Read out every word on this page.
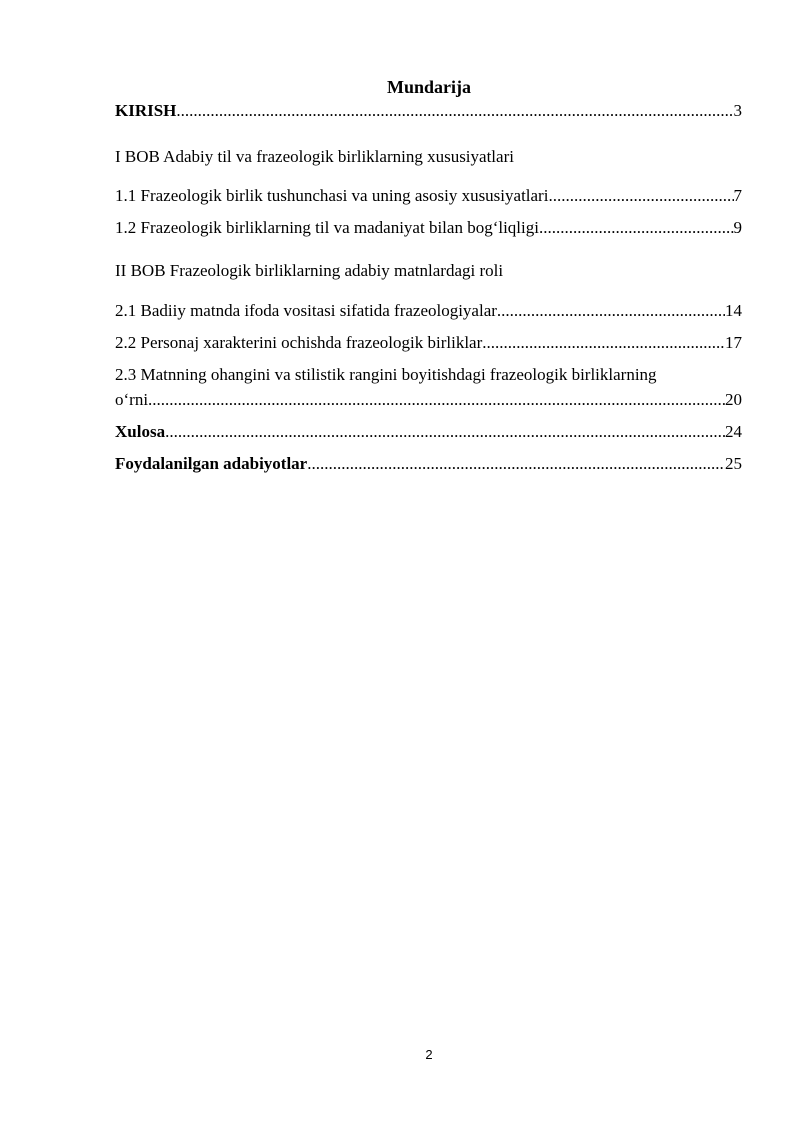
Mundarija
KIRISH .....	3
I BOB Adabiy til va frazeologik birliklarning xususiyatlari
1.1 Frazeologik birlik tushunchasi va uning asosiy xususiyatlari .....	7
1.2 Frazeologik birliklarning til va madaniyat bilan bog‘liqligi .....	9
II BOB Frazeologik birliklarning adabiy matnlardagi roli
2.1 Badiiy matnda ifoda vositasi sifatida frazeologiyalar .....	14
2.2 Personaj xarakterini ochishda frazeologik birliklar .....	17
2.3 Matnning ohangini va stilistik rangini boyitishdagi frazeologik birliklarning
o‘rni .....	20
Xulosa .....	24
Foydalanilgan adabiyotlar .....	25
2
